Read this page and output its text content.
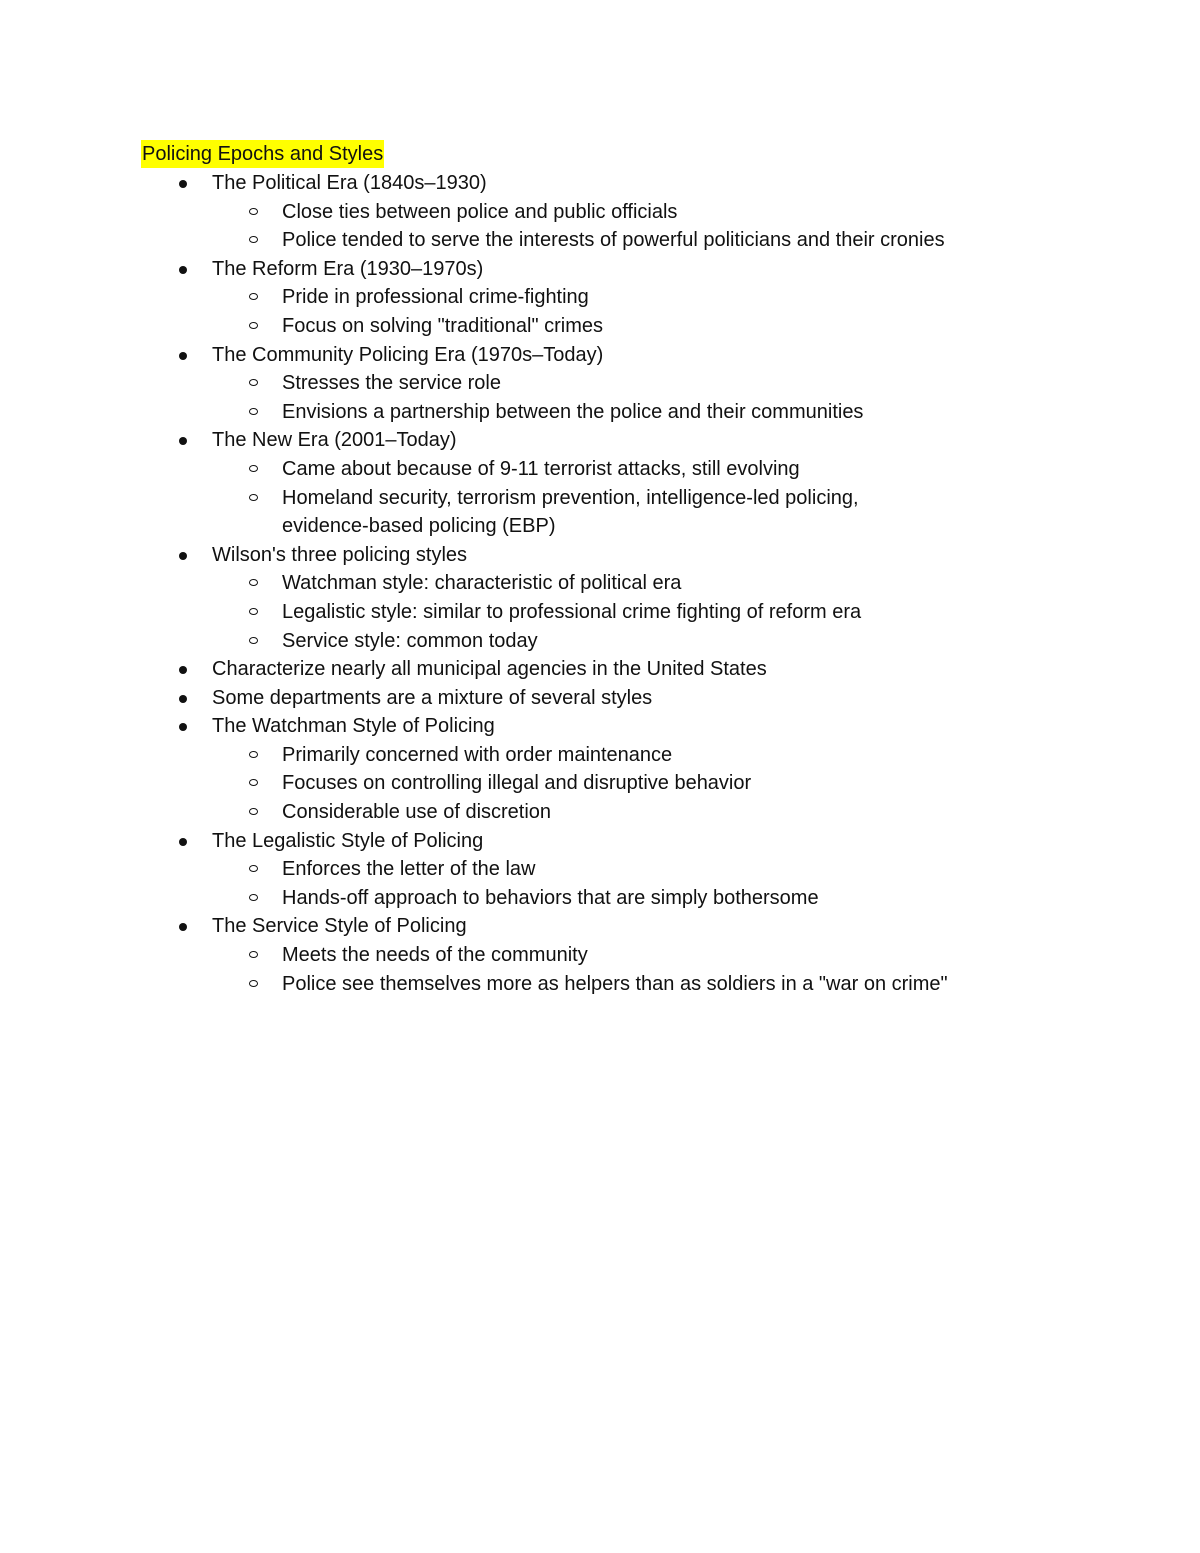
Policing Epochs and Styles
The Political Era (1840s–1930)
Close ties between police and public officials
Police tended to serve the interests of powerful politicians and their cronies
The Reform Era (1930–1970s)
Pride in professional crime-fighting
Focus on solving "traditional" crimes
The Community Policing Era (1970s–Today)
Stresses the service role
Envisions a partnership between the police and their communities
The New Era (2001–Today)
Came about because of 9-11 terrorist attacks, still evolving
Homeland security, terrorism prevention, intelligence-led policing, evidence-based policing (EBP)
Wilson's three policing styles
Watchman style: characteristic of political era
Legalistic style: similar to professional crime fighting of reform era
Service style: common today
Characterize nearly all municipal agencies in the United States
Some departments are a mixture of several styles
The Watchman Style of Policing
Primarily concerned with order maintenance
Focuses on controlling illegal and disruptive behavior
Considerable use of discretion
The Legalistic Style of Policing
Enforces the letter of the law
Hands-off approach to behaviors that are simply bothersome
The Service Style of Policing
Meets the needs of the community
Police see themselves more as helpers than as soldiers in a "war on crime"
